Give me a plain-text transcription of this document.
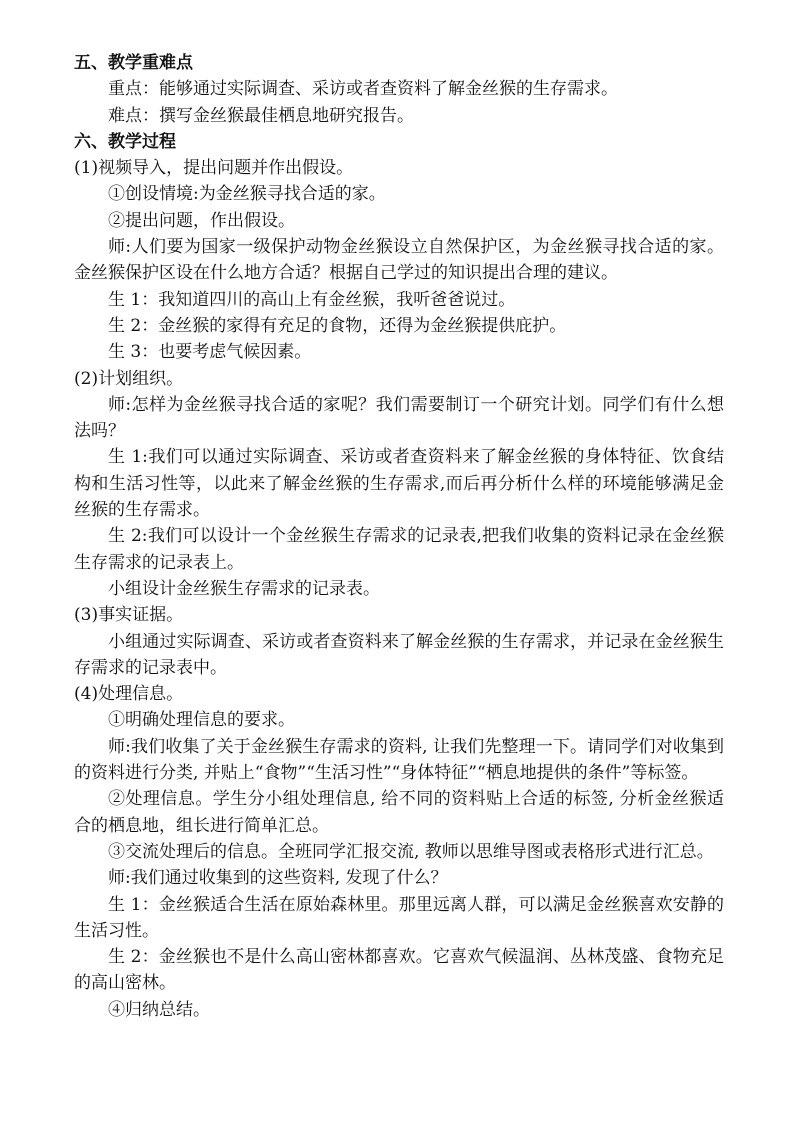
五、教学重难点

重点：能够通过实际调查、采访或者查资料了解金丝猴的生存需求。

难点：撰写金丝猴最佳栖息地研究报告。

六、教学过程

(1)视频导入，提出问题并作出假设。

①创设情境:为金丝猴寻找合适的家。

②提出问题，作出假设。

师:人们要为国家一级保护动物金丝猴设立自然保护区，为金丝猴寻找合适的家。金丝猴保护区设在什么地方合适？根据自己学过的知识提出合理的建议。

生 1：我知道四川的高山上有金丝猴，我听爸爸说过。

生 2：金丝猴的家得有充足的食物，还得为金丝猴提供庇护。

生 3：也要考虑气候因素。

(2)计划组织。

师:怎样为金丝猴寻找合适的家呢？我们需要制订一个研究计划。同学们有什么想法吗？

生 1:我们可以通过实际调查、采访或者查资料来了解金丝猴的身体特征、饮食结构和生活习性等，以此来了解金丝猴的生存需求,而后再分析什么样的环境能够满足金丝猴的生存需求。

生 2:我们可以设计一个金丝猴生存需求的记录表,把我们收集的资料记录在金丝猴生存需求的记录表上。

小组设计金丝猴生存需求的记录表。

(3)事实证据。

小组通过实际调查、采访或者查资料来了解金丝猴的生存需求，并记录在金丝猴生存需求的记录表中。

(4)处理信息。

①明确处理信息的要求。

师:我们收集了关于金丝猴生存需求的资料, 让我们先整理一下。请同学们对收集到的资料进行分类, 并贴上“食物”“生活习性”“身体特征”“栖息地提供的条件”等标签。

②处理信息。学生分小组处理信息, 给不同的资料贴上合适的标签, 分析金丝猴适合的栖息地，组长进行简单汇总。

③交流处理后的信息。全班同学汇报交流, 教师以思维导图或表格形式进行汇总。

师:我们通过收集到的这些资料, 发现了什么？

生 1：金丝猴适合生活在原始森林里。那里远离人群，可以满足金丝猴喜欢安静的生活习性。

生 2：金丝猴也不是什么高山密林都喜欢。它喜欢气候温润、丛林茂盛、食物充足的高山密林。

④归纳总结。
